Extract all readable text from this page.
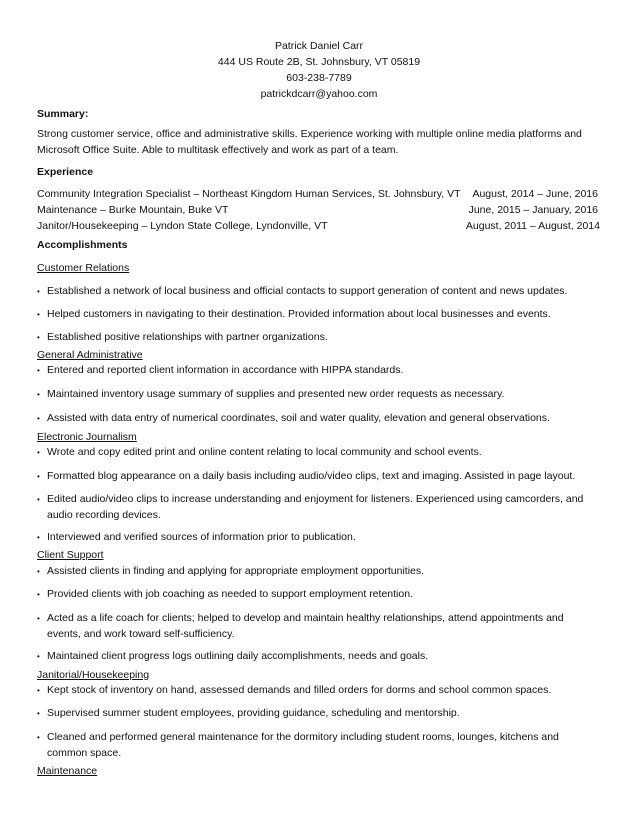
Patrick Daniel Carr
444 US Route 2B, St. Johnsbury, VT 05819
603-238-7789
patrickdcarr@yahoo.com
Summary:
Strong customer service, office and administrative skills. Experience working with multiple online media platforms and Microsoft Office Suite. Able to multitask effectively and work as part of a team.
Experience
Community Integration Specialist – Northeast Kingdom Human Services, St. Johnsbury, VT August, 2014 – June, 2016
Maintenance – Burke Mountain, Buke VT	June, 2015 – January, 2016
Janitor/Housekeeping – Lyndon State College, Lyndonville, VT	August, 2011 – August, 2014
Accomplishments
Customer Relations
• Established a network of local business and official contacts to support generation of content and news updates.
• Helped customers in navigating to their destination. Provided information about local businesses and events.
• Established positive relationships with partner organizations.
General Administrative
• Entered and reported client information in accordance with HIPPA standards.
• Maintained inventory usage summary of supplies and presented new order requests as necessary.
• Assisted with data entry of numerical coordinates, soil and water quality, elevation and general observations.
Electronic Journalism
• Wrote and copy edited print and online content relating to local community and school events.
• Formatted blog appearance on a daily basis including audio/video clips, text and imaging. Assisted in page layout.
• Edited audio/video clips to increase understanding and enjoyment for listeners. Experienced using camcorders, and audio recording devices.
• Interviewed and verified sources of information prior to publication.
Client Support
• Assisted clients in finding and applying for appropriate employment opportunities.
• Provided clients with job coaching as needed to support employment retention.
• Acted as a life coach for clients; helped to develop and maintain healthy relationships, attend appointments and events, and work toward self-sufficiency.
• Maintained client progress logs outlining daily accomplishments, needs and goals.
Janitorial/Housekeeping
• Kept stock of inventory on hand, assessed demands and filled orders for dorms and school common spaces.
• Supervised summer student employees, providing guidance, scheduling and mentorship.
• Cleaned and performed general maintenance for the dormitory including student rooms, lounges, kitchens and common space.
Maintenance
